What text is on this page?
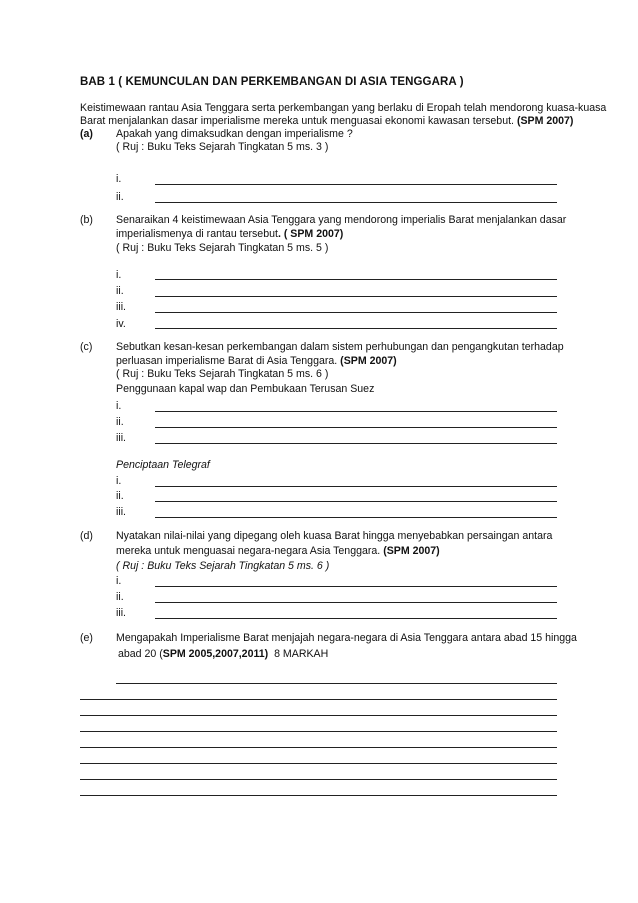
BAB 1 ( KEMUNCULAN DAN PERKEMBANGAN DI ASIA TENGGARA )
Keistimewaan rantau Asia Tenggara serta perkembangan yang berlaku di Eropah telah mendorong kuasa-kuasa
Barat menjalankan dasar imperialisme mereka untuk menguasai ekonomi kawasan tersebut. (SPM 2007)
(a) Apakah yang dimaksudkan dengan imperialisme ?
( Ruj : Buku Teks Sejarah Tingkatan 5 ms. 3 )
i.
ii.
(b) Senaraikan 4 keistimewaan Asia Tenggara yang mendorong imperialis Barat menjalankan dasar
imperialismenya di rantau tersebut. ( SPM 2007)
( Ruj : Buku Teks Sejarah Tingkatan 5 ms. 5 )
i.
ii.
iii.
iv.
(c) Sebutkan kesan-kesan perkembangan dalam sistem perhubungan dan pengangkutan terhadap
perluasan imperialisme Barat di Asia Tenggara. (SPM 2007)
( Ruj : Buku Teks Sejarah Tingkatan 5 ms. 6 )
Penggunaan kapal wap dan Pembukaan Terusan Suez
i.
ii.
iii.
Penciptaan Telegraf
i.
ii.
iii.
(d) Nyatakan nilai-nilai yang dipegang oleh kuasa Barat hingga menyebabkan persaingan antara
mereka untuk menguasai negara-negara Asia Tenggara. (SPM 2007)
( Ruj : Buku Teks Sejarah Tingkatan 5 ms. 6 )
i.
ii.
iii.
(e) Mengapakah Imperialisme Barat menjajah negara-negara di Asia Tenggara antara abad 15 hingga
abad 20 (SPM 2005,2007,2011) 8 MARKAH
